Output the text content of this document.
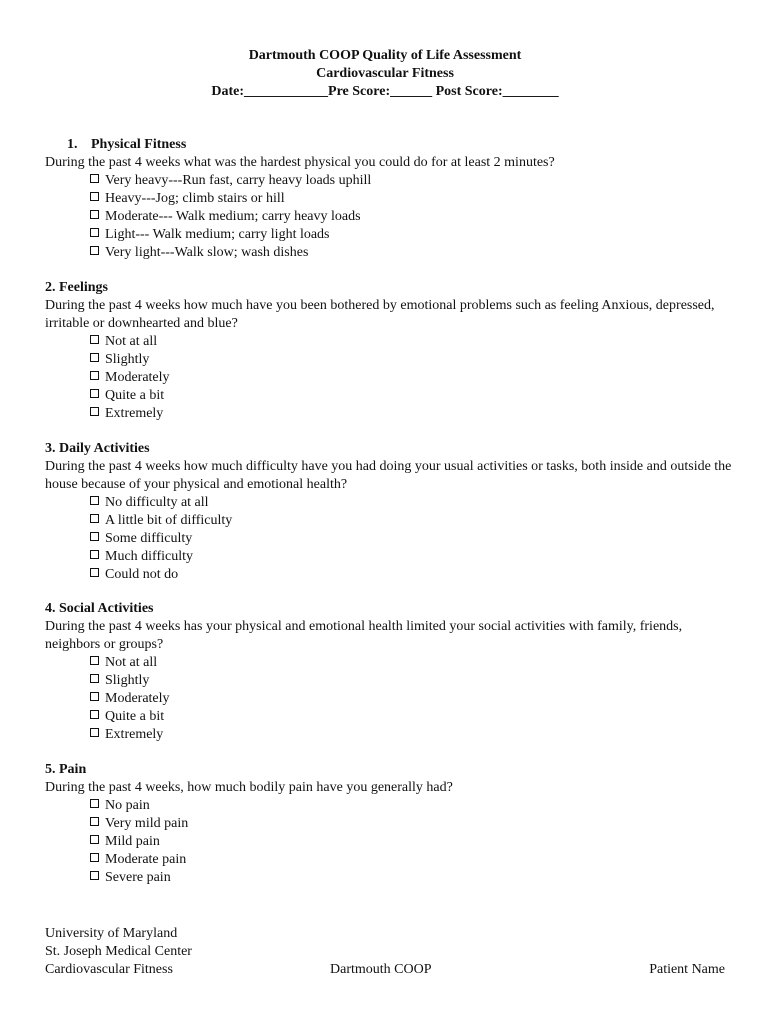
Dartmouth COOP Quality of Life Assessment
Cardiovascular Fitness
Date:____________Pre Score:______ Post Score:________
1. Physical Fitness
During the past 4 weeks what was the hardest physical you could do for at least 2 minutes?
Very heavy---Run fast, carry heavy loads uphill
Heavy---Jog; climb stairs or hill
Moderate--- Walk medium; carry heavy loads
Light--- Walk medium; carry light loads
Very light---Walk slow; wash dishes
2. Feelings
During the past 4 weeks how much have you been bothered by emotional problems such as feeling Anxious, depressed, irritable or downhearted and blue?
Not at all
Slightly
Moderately
Quite a bit
Extremely
3. Daily Activities
During the past 4 weeks how much difficulty have you had doing your usual activities or tasks, both inside and outside the house because of your physical and emotional health?
No difficulty at all
A little bit of difficulty
Some difficulty
Much difficulty
Could not do
4. Social Activities
During the past 4 weeks has your physical and emotional health limited your social activities with family, friends, neighbors or groups?
Not at all
Slightly
Moderately
Quite a bit
Extremely
5. Pain
During the past 4 weeks, how much bodily pain have you generally had?
No pain
Very mild pain
Mild pain
Moderate pain
Severe pain
University of Maryland
St. Joseph Medical Center
Cardiovascular Fitness	Dartmouth COOP	Patient Name
